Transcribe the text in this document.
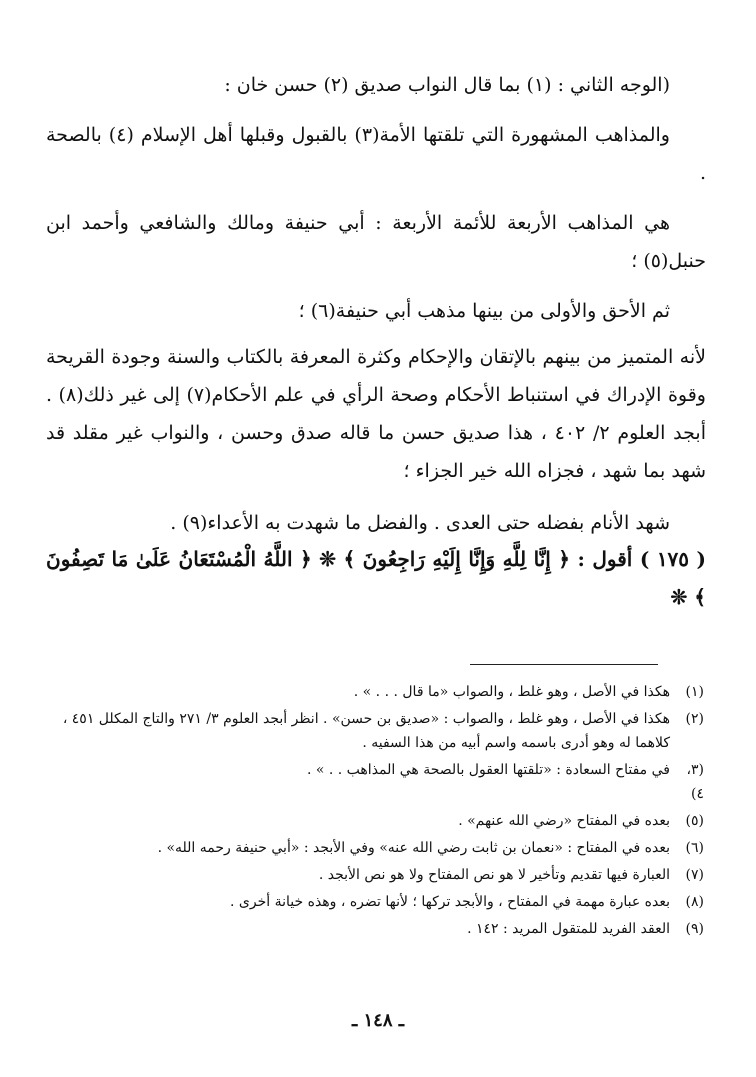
(الوجه الثاني : (١) بما قال النواب صديق (٢) حسن خان :

والمذاهب المشهورة التي تلقتها الأمة(٣) بالقبول وقبلها أهل الإسلام (٤) بالصحة .

هي المذاهب الأربعة للأئمة الأربعة : أبي حنيفة ومالك والشافعي وأحمد ابن حنبل(٥) ؛

ثم الأحق والأولى من بينها مذهب أبي حنيفة(٦) ؛

لأنه المتميز من بينهم بالإتقان والإحكام وكثرة المعرفة بالكتاب والسنة وجودة القريحة وقوة الإدراك في استنباط الأحكام وصحة الرأي في علم الأحكام(٧) إلى غير ذلك(٨) . أبجد العلوم ٢/ ٤٠٢ ، هذا صديق حسن ما قاله صدق وحسن ، والنواب غير مقلد قد شهد بما شهد ، فجزاه الله خير الجزاء ؛

شهد الأنام بفضله حتى العدى . والفضل ما شهدت به الأعداء(٩) .

( ١٧٥ ) أقول : ﴿ إِنَّا لِلَّهِ وَإِنَّا إِلَيْهِ رَاجِعُونَ ﴾ ❊ ﴿ اللَّهُ الْمُسْتَعَانُ عَلَىٰ مَا تَصِفُونَ ﴾ ❊

(١)
هكذا في الأصل ، وهو غلط ، والصواب «ما قال . . . » .
(٢)
هكذا في الأصل ، وهو غلط ، والصواب : «صديق بن حسن» . انظر أبجد العلوم ٣/ ٢٧١ والتاج المكلل ٤٥١ ، كلاهما له وهو أدرى باسمه واسم أبيه من هذا السفيه .
(٣، ٤)
في مفتاح السعادة : «تلقتها العقول بالصحة هي المذاهب . . » .
(٥)
بعده في المفتاح «رضي الله عنهم» .
(٦)
بعده في المفتاح : «نعمان بن ثابت رضي الله عنه» وفي الأبجد : «أبي حنيفة رحمه الله» .
(٧)
العبارة فيها تقديم وتأخير لا هو نص المفتاح ولا هو نص الأبجد .
(٨)
بعده عبارة مهمة في المفتاح ، والأبجد تركها ؛ لأنها تضره ، وهذه خيانة أخرى .
(٩)
العقد الفريد للمتقول المريد : ١٤٢ .
ـ ١٤٨ ـ
